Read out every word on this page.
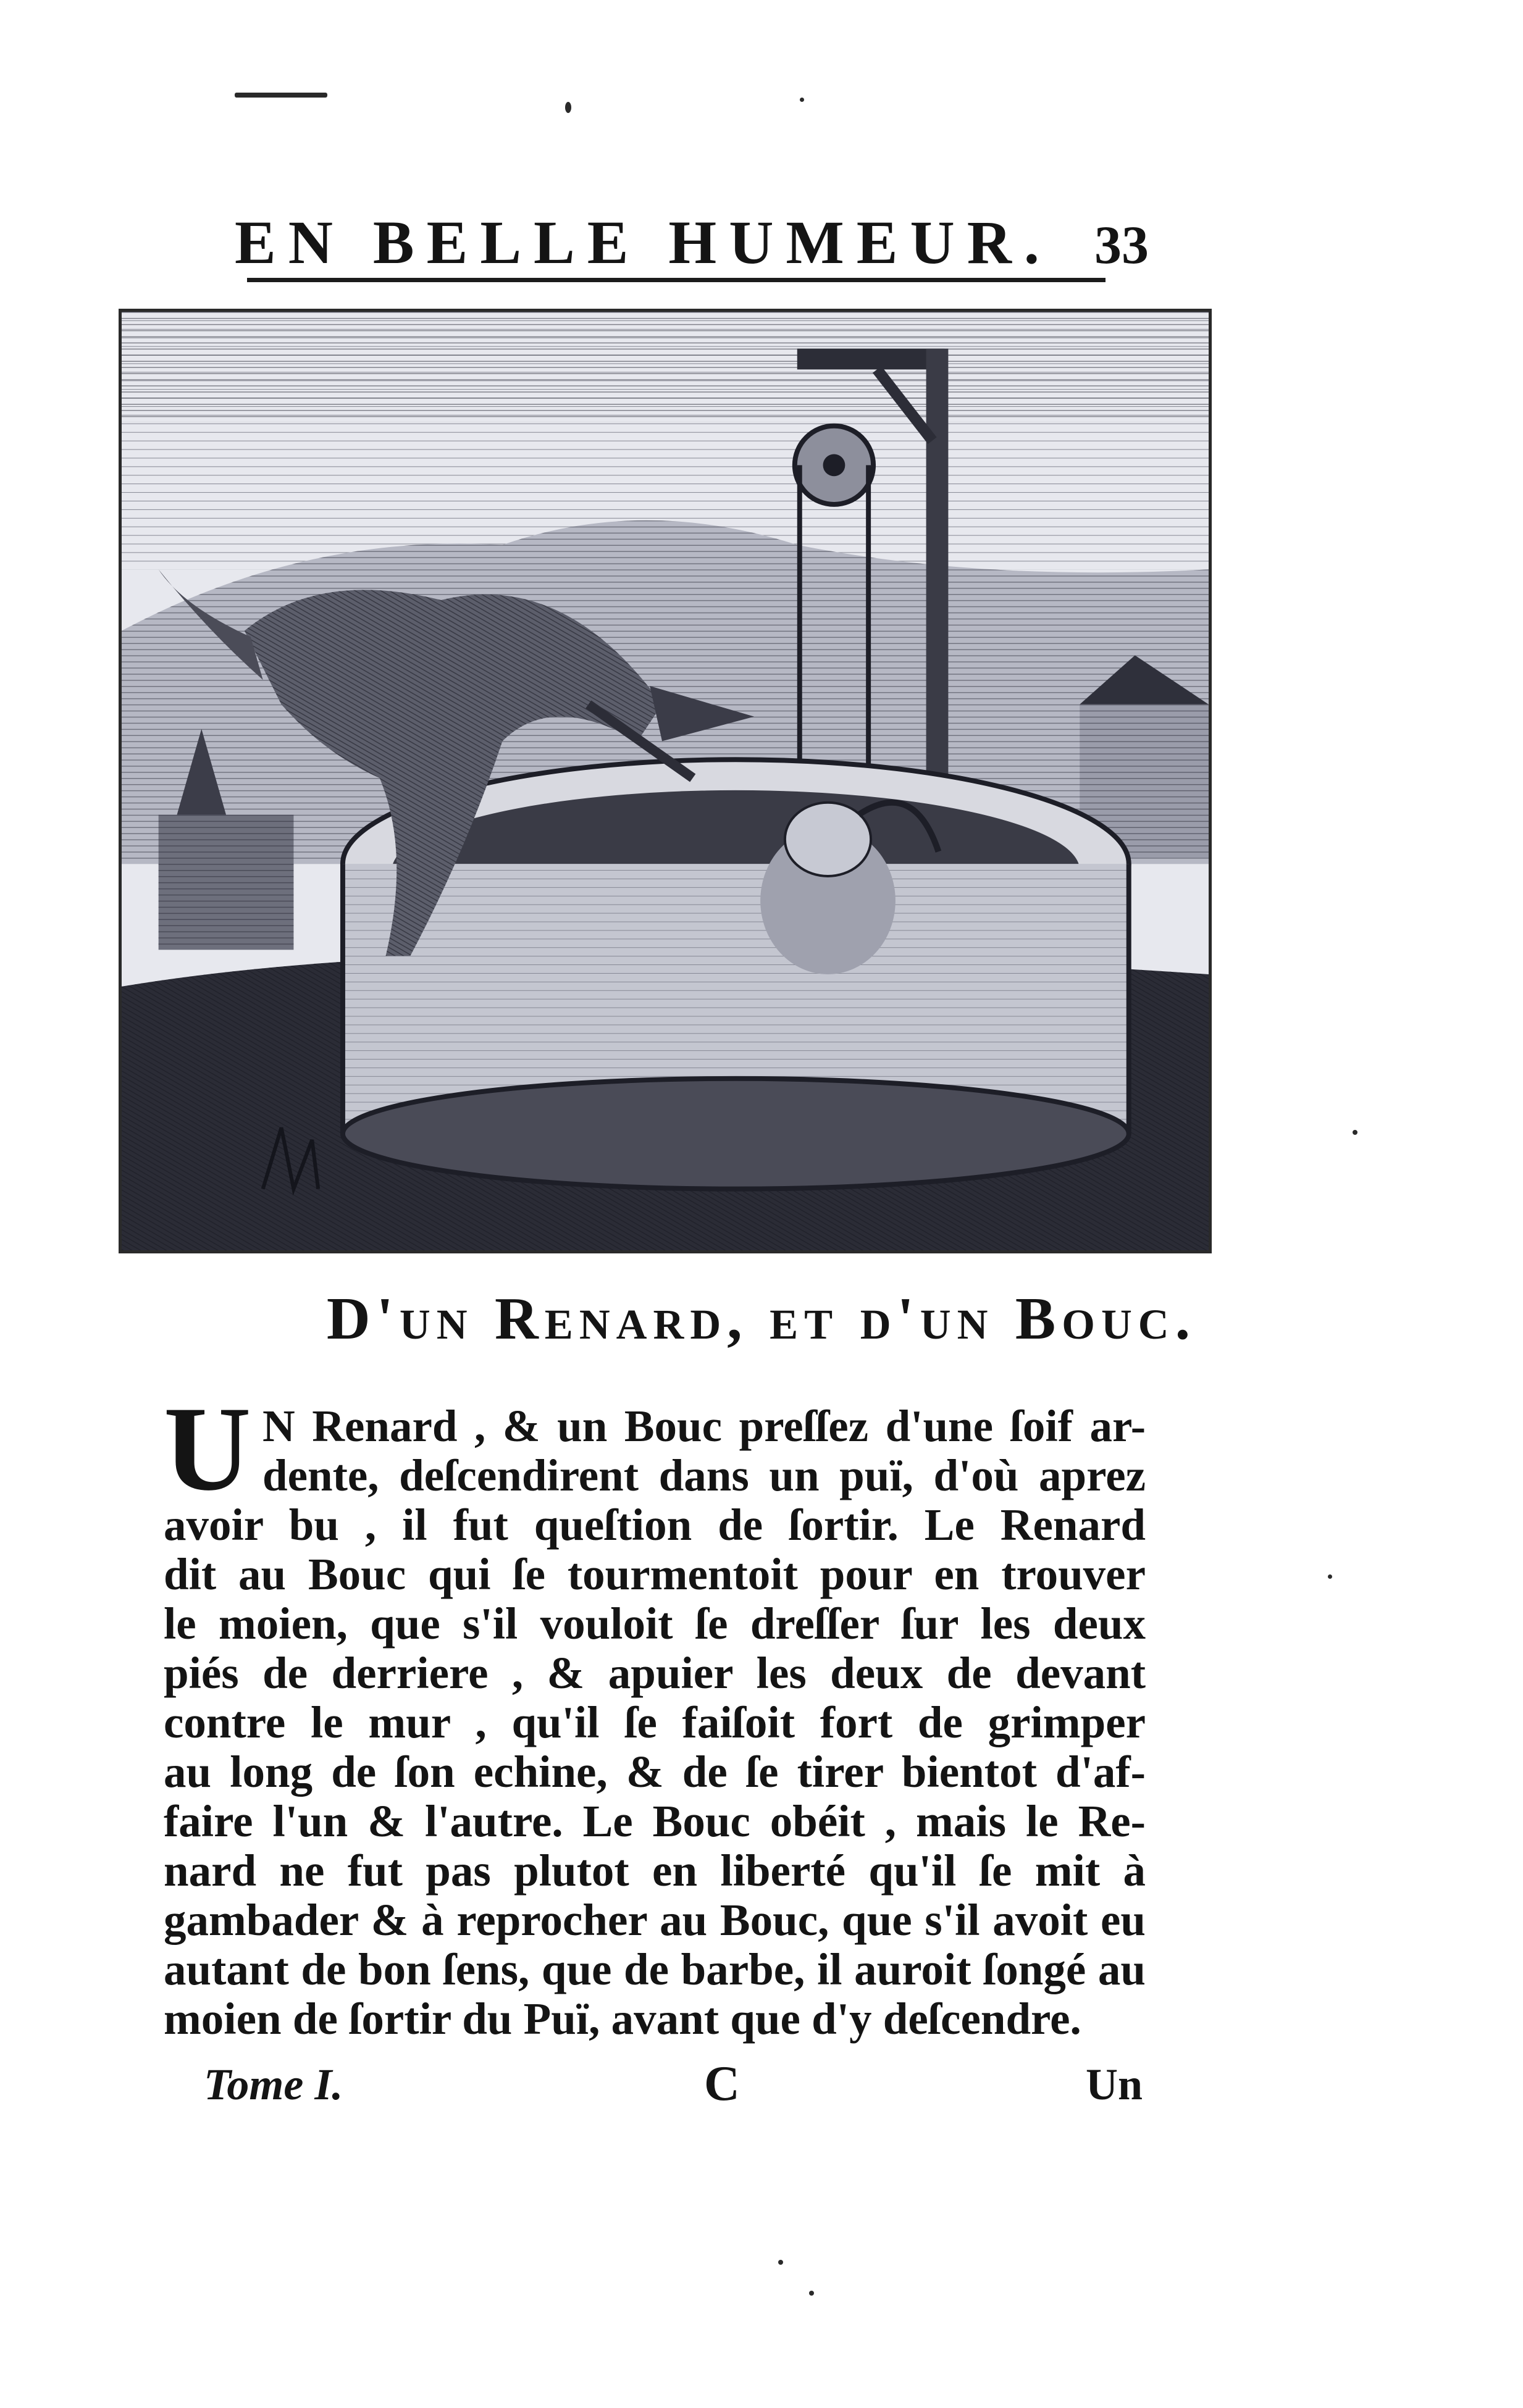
EN BELLE HUMEUR. 33
D'un Renard, et d'un Bouc.
U N Renard , & un Bouc preſſez d'une ſoif ar-
dente, deſcendirent dans un puï, d'où aprez
avoir bu , il fut queſtion de ſortir. Le Renard
dit au Bouc qui ſe tourmentoit pour en trouver
le moien, que s'il vouloit ſe dreſſer ſur les deux
piés de derriere , & apuier les deux de devant
contre le mur , qu'il ſe faiſoit fort de grimper
au long de ſon echine, & de ſe tirer bientot d'af-
faire l'un & l'autre. Le Bouc obéit , mais le Re-
nard ne fut pas plutot en liberté qu'il ſe mit à
gambader & à reprocher au Bouc, que s'il avoit eu
autant de bon ſens, que de barbe, il auroit ſongé au
moien de ſortir du Puï, avant que d'y deſcendre.
Tome I.	C	Un
